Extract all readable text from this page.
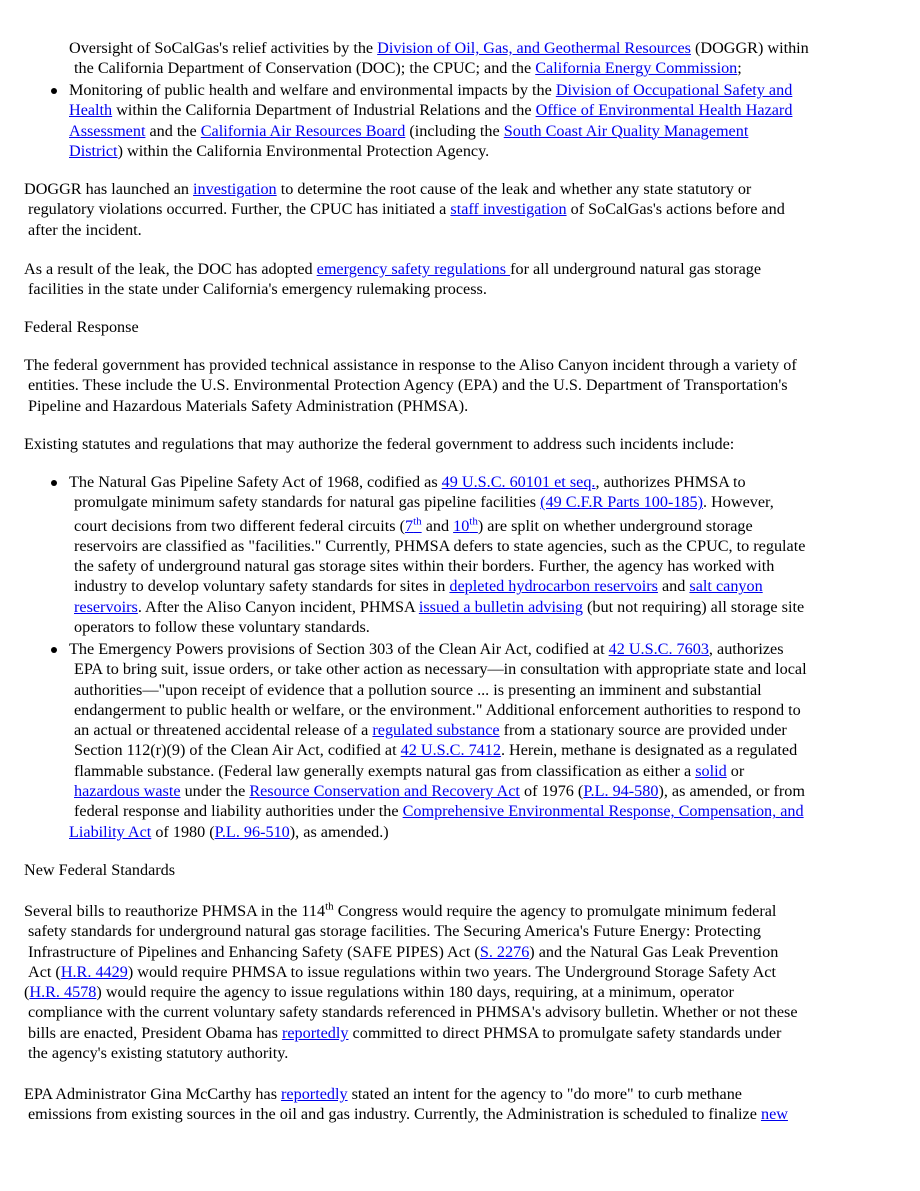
Oversight of SoCalGas's relief activities by the Division of Oil, Gas, and Geothermal Resources (DOGGR) within
the California Department of Conservation (DOC); the CPUC; and the California Energy Commission;
Monitoring of public health and welfare and environmental impacts by the Division of Occupational Safety and
Health within the California Department of Industrial Relations and the Office of Environmental Health Hazard
Assessment and the California Air Resources Board (including the South Coast Air Quality Management
District) within the California Environmental Protection Agency.
DOGGR has launched an investigation to determine the root cause of the leak and whether any state statutory or
regulatory violations occurred. Further, the CPUC has initiated a staff investigation of SoCalGas's actions before and
after the incident.
As a result of the leak, the DOC has adopted emergency safety regulations for all underground natural gas storage
facilities in the state under California's emergency rulemaking process.
Federal Response
The federal government has provided technical assistance in response to the Aliso Canyon incident through a variety of
entities. These include the U.S. Environmental Protection Agency (EPA) and the U.S. Department of Transportation's
Pipeline and Hazardous Materials Safety Administration (PHMSA).
Existing statutes and regulations that may authorize the federal government to address such incidents include:
The Natural Gas Pipeline Safety Act of 1968, codified as 49 U.S.C. 60101 et seq., authorizes PHMSA to
promulgate minimum safety standards for natural gas pipeline facilities (49 C.F.R Parts 100-185). However,
court decisions from two different federal circuits (7th and 10th) are split on whether underground storage
reservoirs are classified as "facilities." Currently, PHMSA defers to state agencies, such as the CPUC, to regulate
the safety of underground natural gas storage sites within their borders. Further, the agency has worked with
industry to develop voluntary safety standards for sites in depleted hydrocarbon reservoirs and salt canyon
reservoirs. After the Aliso Canyon incident, PHMSA issued a bulletin advising (but not requiring) all storage site
operators to follow these voluntary standards.
The Emergency Powers provisions of Section 303 of the Clean Air Act, codified at 42 U.S.C. 7603, authorizes
EPA to bring suit, issue orders, or take other action as necessary—in consultation with appropriate state and local
authorities—"upon receipt of evidence that a pollution source ... is presenting an imminent and substantial
endangerment to public health or welfare, or the environment." Additional enforcement authorities to respond to
an actual or threatened accidental release of a regulated substance from a stationary source are provided under
Section 112(r)(9) of the Clean Air Act, codified at 42 U.S.C. 7412. Herein, methane is designated as a regulated
flammable substance. (Federal law generally exempts natural gas from classification as either a solid or
hazardous waste under the Resource Conservation and Recovery Act of 1976 (P.L. 94-580), as amended, or from
federal response and liability authorities under the Comprehensive Environmental Response, Compensation, and
Liability Act of 1980 (P.L. 96-510), as amended.)
New Federal Standards
Several bills to reauthorize PHMSA in the 114th Congress would require the agency to promulgate minimum federal
safety standards for underground natural gas storage facilities. The Securing America's Future Energy: Protecting
Infrastructure of Pipelines and Enhancing Safety (SAFE PIPES) Act (S. 2276) and the Natural Gas Leak Prevention
Act (H.R. 4429) would require PHMSA to issue regulations within two years. The Underground Storage Safety Act
(H.R. 4578) would require the agency to issue regulations within 180 days, requiring, at a minimum, operator
compliance with the current voluntary safety standards referenced in PHMSA's advisory bulletin. Whether or not these
bills are enacted, President Obama has reportedly committed to direct PHMSA to promulgate safety standards under
the agency's existing statutory authority.
EPA Administrator Gina McCarthy has reportedly stated an intent for the agency to "do more" to curb methane
emissions from existing sources in the oil and gas industry. Currently, the Administration is scheduled to finalize new
